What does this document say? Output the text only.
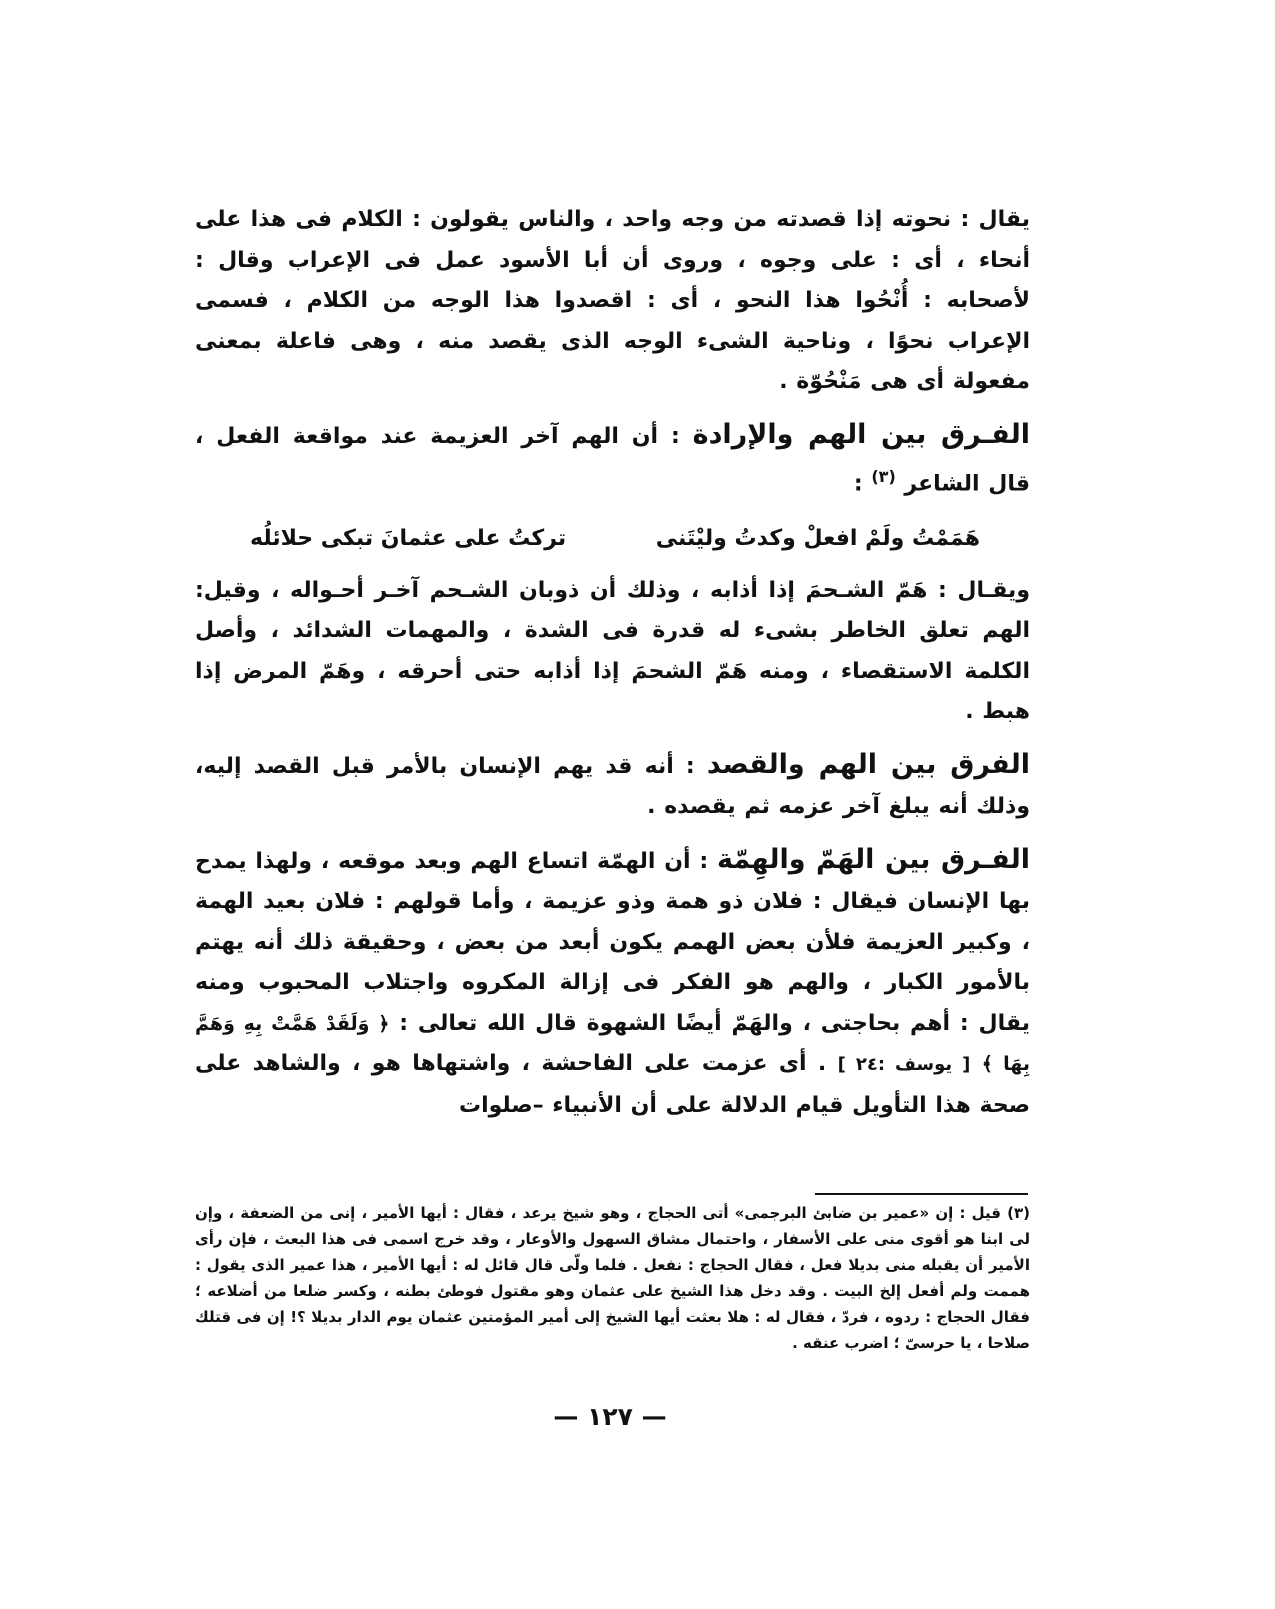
يقال : نحوته إذا قصدته من وجه واحد ، والناس يقولون : الكلام فى هذا على أنحاء ، أى : على وجوه ، وروى أن أبا الأسود عمل فى الإعراب وقال : لأصحابه : أُنْحُوا هذا النحو ، أى : اقصدوا هذا الوجه من الكلام ، فسمى الإعراب نحوًا ، وناحية الشىء الوجه الذى يقصد منه ، وهى فاعلة بمعنى مفعولة أى هى مَنْحُوّة .

الفـرق بين الهم والإرادة : أن الهم آخر العزيمة عند مواقعة الفعل ، قال الشاعر $^{(٣)}$ :

هَمَمْتُ ولَمْ افعلْ وكدتُ وليْتَنى
تركتُ على عثمانَ تبكى حلائلُه

ويقـال : هَمّ الشـحمَ إذا أذابه ، وذلك أن ذوبان الشـحم آخـر أحـواله ، وقيل: الهم تعلق الخاطر بشىء له قدرة فى الشدة ، والمهمات الشدائد ، وأصل الكلمة الاستقصاء ، ومنه هَمّ الشحمَ إذا أذابه حتى أحرقه ، وهَمّ المرض إذا هبط .

الفرق بين الهم والقصد : أنه قد يهم الإنسان بالأمر قبل القصد إليه، وذلك أنه يبلغ آخر عزمه ثم يقصده .

الفـرق بين الهَمّ والهِمّة : أن الهمّة اتساع الهم وبعد موقعه ، ولهذا يمدح بها الإنسان فيقال : فلان ذو همة وذو عزيمة ، وأما قولهم : فلان بعيد الهمة ، وكبير العزيمة فلأن بعض الهمم يكون أبعد من بعض ، وحقيقة ذلك أنه يهتم بالأمور الكبار ، والهم هو الفكر فى إزالة المكروه واجتلاب المحبوب ومنه يقال : أهم بحاجتى ، والهَمّ أيضًا الشهوة قال الله تعالى : ﴿ وَلَقَدْ هَمَّتْ بِهِ وَهَمَّ بِهَا ﴾ [ يوسف :٢٤ ] . أى عزمت على الفاحشة ، واشتهاها هو ، والشاهد على صحة هذا التأويل قيام الدلالة على أن الأنبياء –صلوات

(٣) قيل : إن «عمير بن ضابئ البرجمى» أتى الحجاج ، وهو شيخ يرعد ، فقال : أيها الأمير ، إنى من الضعفة ، وإن لى ابنا هو أقوى منى على الأسفار ، واحتمال مشاق السهول والأوعار ، وقد خرج اسمى فى هذا البعث ، فإن رأى الأمير أن يقبله منى بديلا فعل ، فقال الحجاج : نفعل . فلما ولّى قال قائل له : أيها الأمير ، هذا عمير الذى يقول : هممت ولم أفعل إلخ البيت . وقد دخل هذا الشيخ على عثمان وهو مقتول فوطئ بطنه ، وكسر ضلعا من أضلاعه ؛ فقال الحجاج : ردوه ، فردّ ، فقال له : هلا بعثت أيها الشيخ إلى أمير المؤمنين عثمان يوم الدار بديلا ؟! إن فى قتلك صلاحا ، يا حرسىّ ؛ اضرب عنقه .

— ١٢٧ —
